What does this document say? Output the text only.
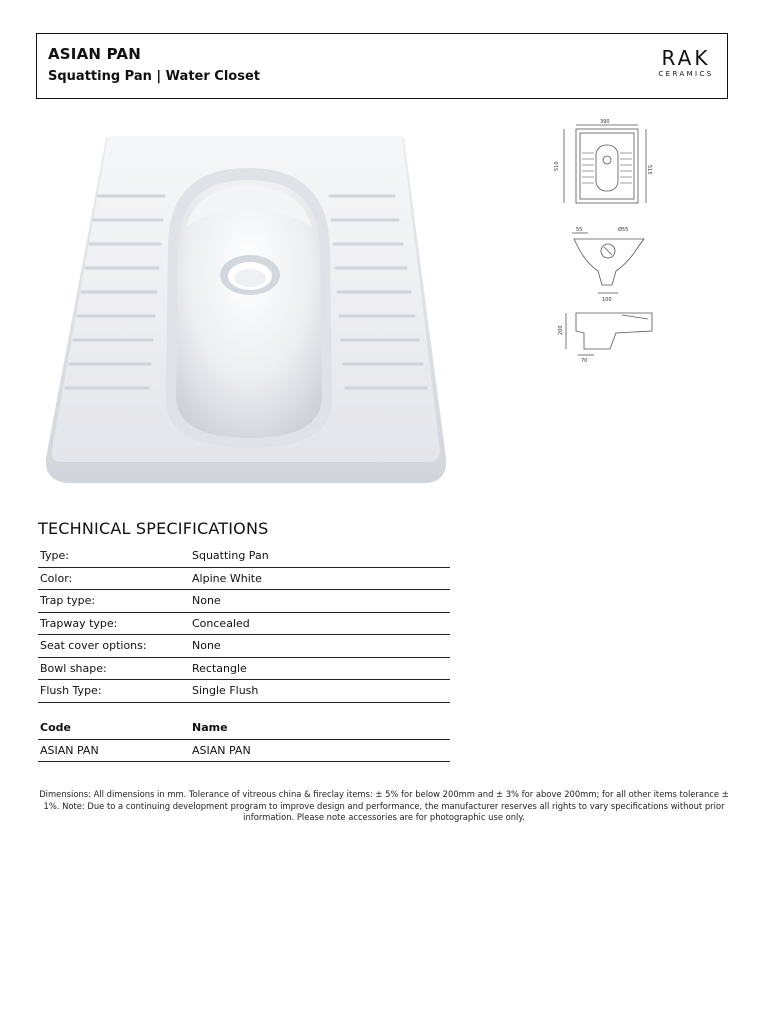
ASIAN PAN
Squatting Pan | Water Closet
RAK
CERAMICS
390
510	515
55	Ø55
100
200
70
TECHNICAL SPECIFICATIONS
Type:	Squatting Pan
Color:	Alpine White
Trap type:	None
Trapway type:	Concealed
Seat cover options:	None
Bowl shape:	Rectangle
Flush Type:	Single Flush
Code	Name
ASIAN PAN	ASIAN PAN
Dimensions: All dimensions in mm. Tolerance of vitreous china & fireclay items: ± 5% for below 200mm and ± 3% for above 200mm; for all other items tolerance ± 1%. Note: Due to a continuing development program to improve design and performance, the manufacturer reserves all rights to vary specifications without prior information. Please note accessories are for photographic use only.
